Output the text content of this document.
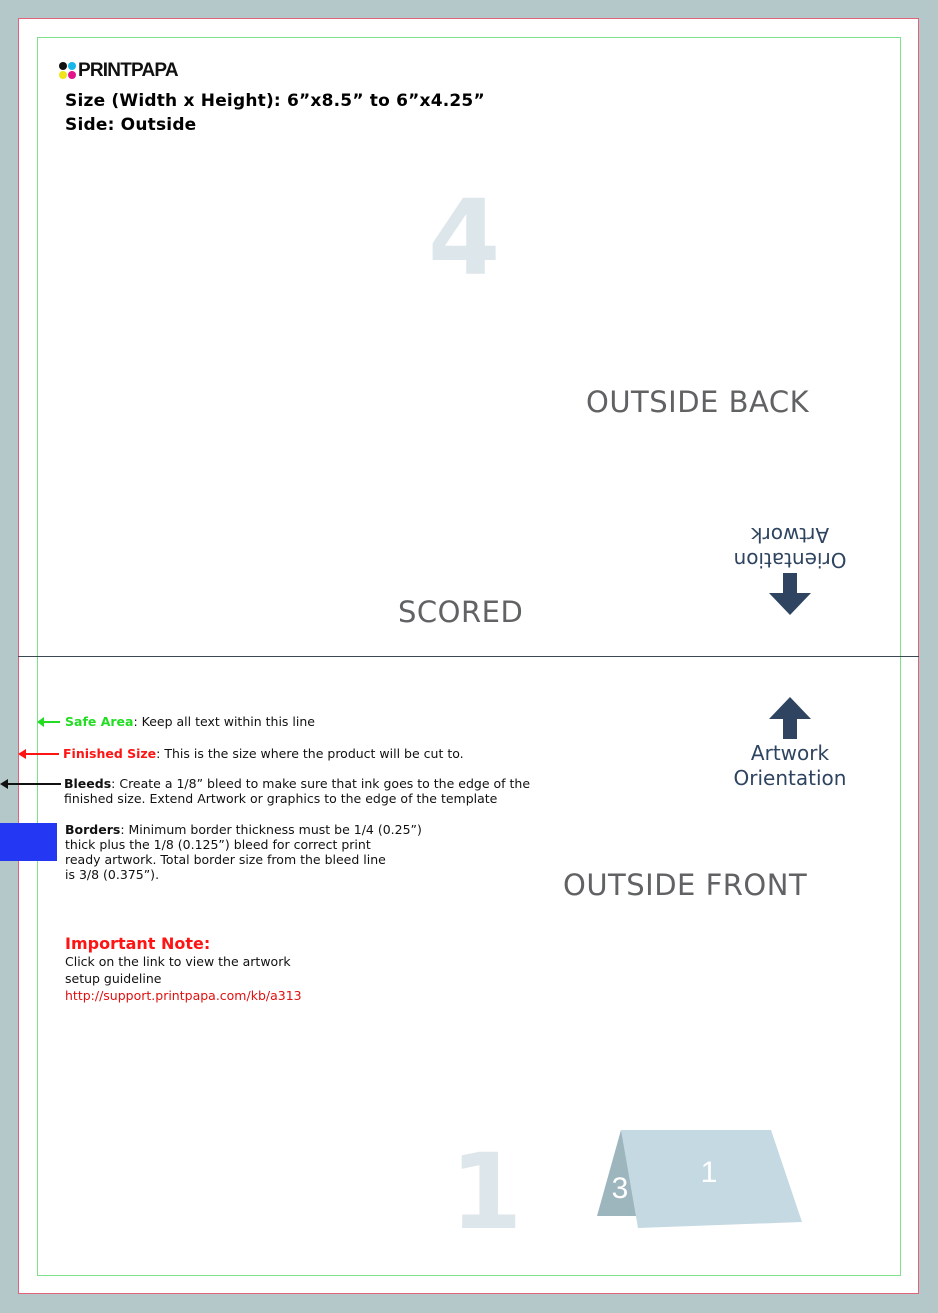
PRINTPAPA
Size (Width x Height): 6”x8.5” to 6”x4.25”
Side: Outside
4
OUTSIDE BACK
SCORED
Orientation
Artwork
Artwork
Orientation
OUTSIDE FRONT
1
Safe Area: Keep all text within this line
Finished Size: This is the size where the product will be cut to.
Bleeds: Create a 1/8” bleed to make sure that ink goes to the edge of the
finished size. Extend Artwork or graphics to the edge of the template
Borders: Minimum border thickness must be 1/4 (0.25”)
thick plus the 1/8 (0.125”) bleed for correct print
ready artwork. Total border size from the bleed line
is 3/8 (0.375”).
Important Note:
Click on the link to view the artwork
setup guideline
http://support.printpapa.com/kb/a313
3 1
